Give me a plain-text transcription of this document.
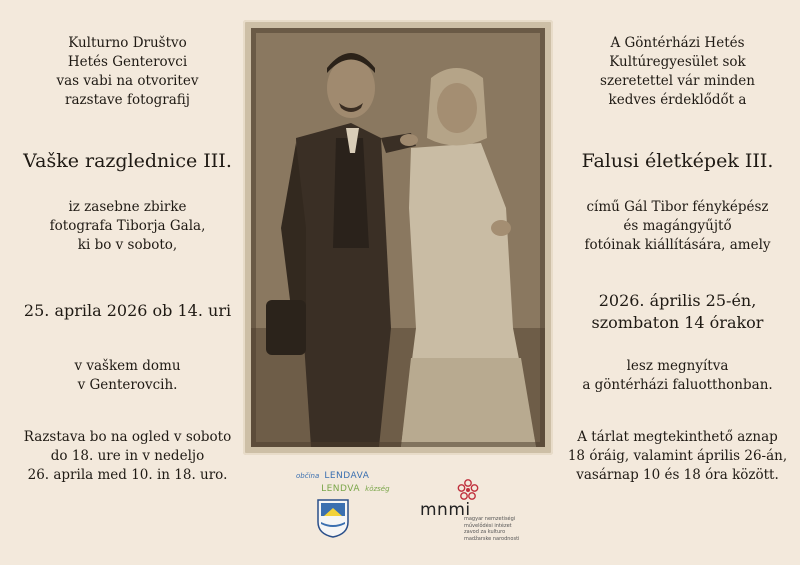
Kulturno Društvo
Hetés Genterovci
vas vabi na otvoritev
razstave fotografij
Vaške razglednice III.
iz zasebne zbirke
fotografa Tiborja Gala,
ki bo v soboto,
25. aprila 2026 ob 14. uri
v vaškem domu
v Genterovcih.
Razstava bo na ogled v soboto
do 18. ure in v nedeljo
26. aprila med 10. in 18. uro.
A Göntérházi Hetés
Kultúregyesület sok
szeretettel vár minden
kedves érdeklődőt a
Falusi életképek III.
című Gál Tibor fényképész
és magángyűjtő
fotóinak kiállítására, amely
2026. április 25-én,
szombaton 14 órakor
lesz megnyítva
a göntérházi faluotthonban.
A tárlat megtekinthető aznap
18 óráig, valamint április 26-án,
vasárnap 10 és 18 óra között.
občina LENDAVA
LENDVA község
mnmi
magyar nemzetiségi
művelődési intézet
zavod za kulturo
madžarske narodnosti
